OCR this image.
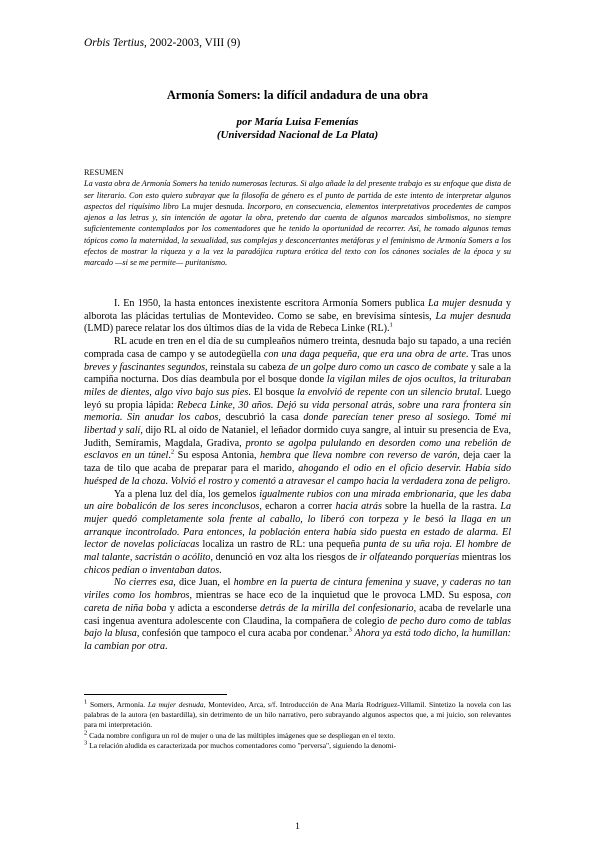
Orbis Tertius, 2002-2003, VIII (9)
Armonía Somers: la difícil andadura de una obra
por María Luisa Femenías
(Universidad Nacional de La Plata)
RESUMEN
La vasta obra de Armonía Somers ha tenido numerosas lecturas. Si algo añade la del presente trabajo es su enfoque que dista de ser literario. Con esto quiero subrayar que la filosofía de género es el punto de partida de este intento de interpretar algunos aspectos del riquísimo libro La mujer desnuda. Incorporo, en consecuencia, elementos interpretativos procedentes de campos ajenos a las letras y, sin intención de agotar la obra, pretendo dar cuenta de algunos marcados simbolismos, no siempre suficientemente contemplados por los comentadores que he tenido la oportunidad de recorrer. Así, he tomado algunos temas tópicos como la maternidad, la sexualidad, sus complejas y desconcertantes metáforas y el feminismo de Armonía Somers a los efectos de mostrar la riqueza y a la vez la paradójica ruptura erótica del texto con los cánones sociales de la época y su marcado —si se me permite— puritanismo.

I. En 1950, la hasta entonces inexistente escritora Armonía Somers publica La mujer desnuda y alborota las plácidas tertulias de Montevideo. Como se sabe, en brevísima síntesis, La mujer desnuda (LMD) parece relatar los dos últimos días de la vida de Rebeca Linke (RL).$^1$

RL acude en tren en el día de su cumpleaños número treinta, desnuda bajo su tapado, a una recién comprada casa de campo y se autodegüella con una daga pequeña, que era una obra de arte. Tras unos breves y fascinantes segundos, reinstala su cabeza de un golpe duro como un casco de combate y sale a la campiña nocturna. Dos días deambula por el bosque donde la vigilan miles de ojos ocultos, la trituraban miles de dientes, algo vivo bajo sus pies. El bosque la envolvió de repente con un silencio brutal. Luego leyó su propia lápida: Rebeca Linke, 30 años. Dejó su vida personal atrás, sobre una rara frontera sin memoria. Sin anudar los cabos, descubrió la casa donde parecían tener preso al sosiego. Tomé mi libertad y salí, dijo RL al oído de Nataniel, el leñador dormido cuya sangre, al intuir su presencia de Eva, Judith, Semíramis, Magdala, Gradiva, pronto se agolpa pululando en desorden como una rebelión de esclavos en un túnel.$^2$ Su esposa Antonia, hembra que lleva nombre con reverso de varón, deja caer la taza de tilo que acaba de preparar para el marido, ahogando el odio en el oficio deservir. Había sido huésped de la choza. Volvió el rostro y comentó a atravesar el campo hacia la verdadera zona de peligro.

Ya a plena luz del día, los gemelos igualmente rubios con una mirada embrionaria, que les daba un aire bobalicón de los seres inconclusos, echaron a correr hacia atrás sobre la huella de la rastra. La mujer quedó completamente sola frente al caballo, lo liberó con torpeza y le besó la llaga en un arranque incontrolado. Para entonces, la población entera había sido puesta en estado de alarma. El lector de novelas policíacas localiza un rastro de RL: una pequeña punta de su uña roja. El hombre de mal talante, sacristán o acólito, denunció en voz alta los riesgos de ir olfateando porquerías mientras los chicos pedían o inventaban datos.

No cierres esa, dice Juan, el hombre en la puerta de cintura femenina y suave, y caderas no tan viriles como los hombros, mientras se hace eco de la inquietud que le provoca LMD. Su esposa, con careta de niña boba y adicta a esconderse detrás de la mirilla del confesionario, acaba de revelarle una casi ingenua aventura adolescente con Claudina, la compañera de colegio de pecho duro como de tablas bajo la blusa, confesión que tampoco el cura acaba por condenar.$^3$ Ahora ya está todo dicho, la humillan: la cambian por otra.

$^1$ Somers, Armonía. La mujer desnuda, Montevideo, Arca, s/f. Introducción de Ana María Rodríguez-Villamil. Sintetizo la novela con las palabras de la autora (en bastardilla), sin detrimento de un hilo narrativo, pero subrayando algunos aspectos que, a mi juicio, son relevantes para mi interpretación.

$^2$ Cada nombre configura un rol de mujer o una de las múltiples imágenes que se despliegan en el texto.

$^3$ La relación aludida es caracterizada por muchos comentadores como "perversa", siguiendo la denomi-

1
